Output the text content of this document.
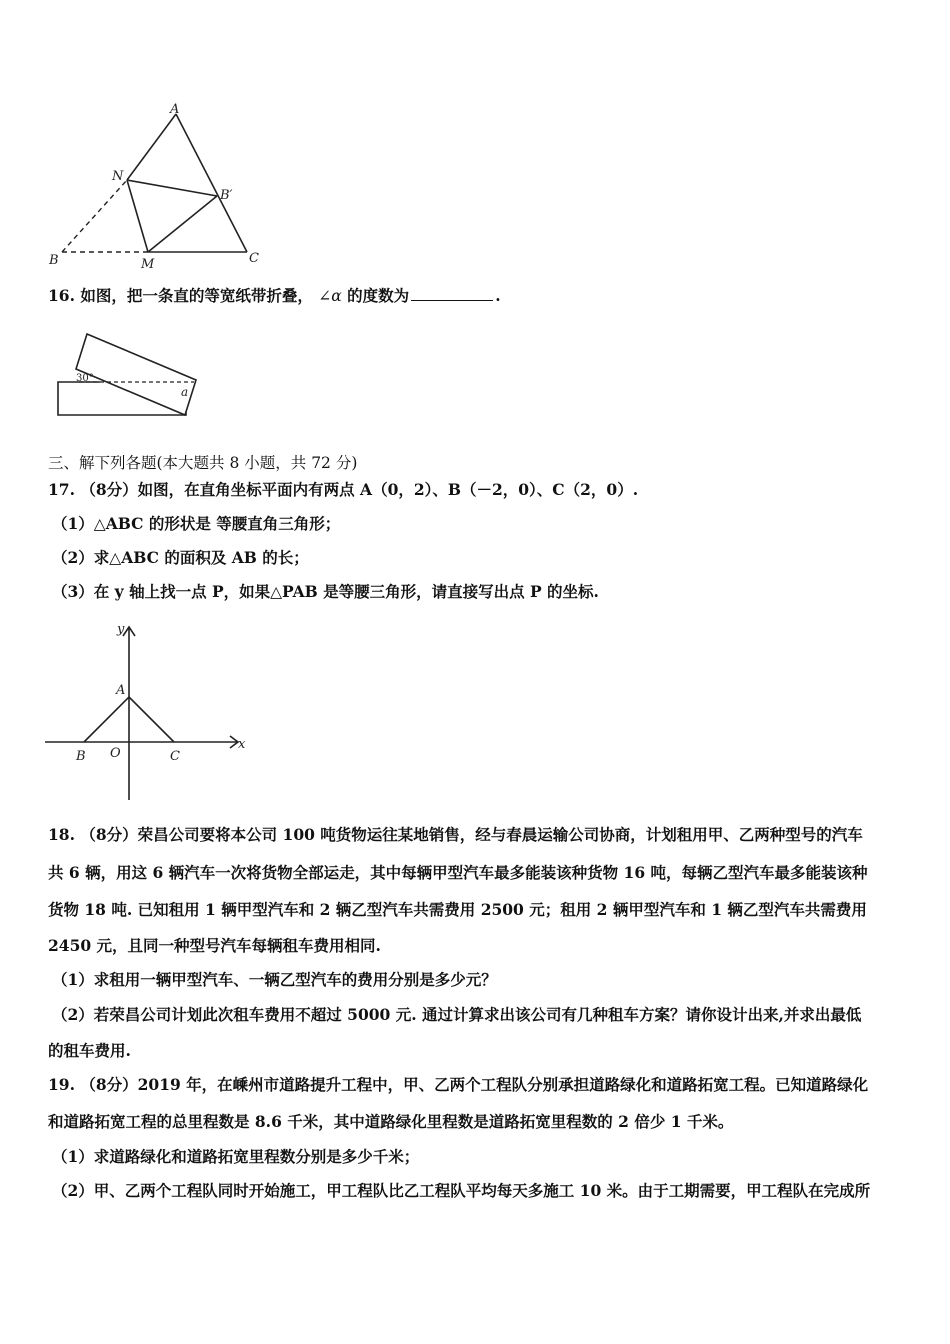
A
N
B′
B	M	C
16. 如图，把一条直的等宽纸带折叠， ∠α 的度数为	.
30°
a
三、解下列各题(本大题共 8 小题，共 72 分)
17. （8分）如图，在直角坐标平面内有两点 A（0，2）、B（－2，0）、C（2，0）.
（1）△ABC 的形状是 等腰直角三角形；
（2）求△ABC 的面积及 AB 的长；
（3）在 y 轴上找一点 P，如果△PAB 是等腰三角形，请直接写出点 P 的坐标.
y
x
A
B O	C
18. （8分）荣昌公司要将本公司 100 吨货物运往某地销售，经与春晨运输公司协商，计划租用甲、乙两种型号的汽车
共 6 辆，用这 6 辆汽车一次将货物全部运走，其中每辆甲型汽车最多能装该种货物 16 吨，每辆乙型汽车最多能装该种
货物 18 吨. 已知租用 1 辆甲型汽车和 2 辆乙型汽车共需费用 2500 元；租用 2 辆甲型汽车和 1 辆乙型汽车共需费用
2450 元，且同一种型号汽车每辆租车费用相同.
（1）求租用一辆甲型汽车、一辆乙型汽车的费用分别是多少元？
（2）若荣昌公司计划此次租车费用不超过 5000 元. 通过计算求出该公司有几种租车方案？请你设计出来,并求出最低
的租车费用.
19. （8分）2019 年，在嵊州市道路提升工程中，甲、乙两个工程队分别承担道路绿化和道路拓宽工程。已知道路绿化
和道路拓宽工程的总里程数是 8.6 千米，其中道路绿化里程数是道路拓宽里程数的 2 倍少 1 千米。
（1）求道路绿化和道路拓宽里程数分别是多少千米；
（2）甲、乙两个工程队同时开始施工，甲工程队比乙工程队平均每天多施工 10 米。由于工期需要，甲工程队在完成所
